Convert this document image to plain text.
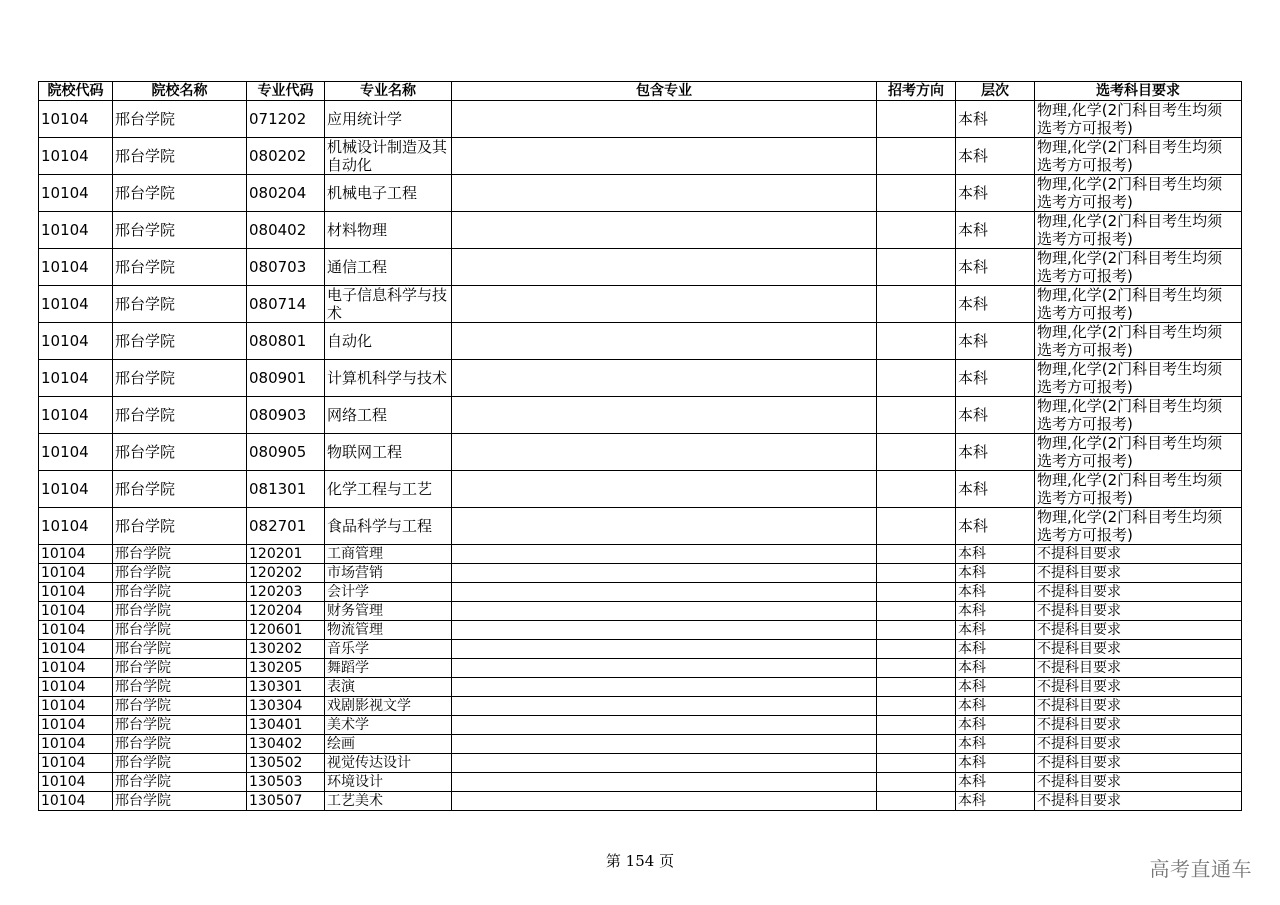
院校代码	院校名称	专业代码	专业名称	包含专业	招考方向	层次	选考科目要求
10104	邢台学院	071202	应用统计学			本科	物理,化学(2门科目考生均须选考方可报考)
10104	邢台学院	080202	机械设计制造及其自动化			本科	物理,化学(2门科目考生均须选考方可报考)
10104	邢台学院	080204	机械电子工程			本科	物理,化学(2门科目考生均须选考方可报考)
10104	邢台学院	080402	材料物理			本科	物理,化学(2门科目考生均须选考方可报考)
10104	邢台学院	080703	通信工程			本科	物理,化学(2门科目考生均须选考方可报考)
10104	邢台学院	080714	电子信息科学与技术			本科	物理,化学(2门科目考生均须选考方可报考)
10104	邢台学院	080801	自动化			本科	物理,化学(2门科目考生均须选考方可报考)
10104	邢台学院	080901	计算机科学与技术			本科	物理,化学(2门科目考生均须选考方可报考)
10104	邢台学院	080903	网络工程			本科	物理,化学(2门科目考生均须选考方可报考)
10104	邢台学院	080905	物联网工程			本科	物理,化学(2门科目考生均须选考方可报考)
10104	邢台学院	081301	化学工程与工艺			本科	物理,化学(2门科目考生均须选考方可报考)
10104	邢台学院	082701	食品科学与工程			本科	物理,化学(2门科目考生均须选考方可报考)
10104	邢台学院	120201	工商管理			本科	不提科目要求
10104	邢台学院	120202	市场营销			本科	不提科目要求
10104	邢台学院	120203	会计学			本科	不提科目要求
10104	邢台学院	120204	财务管理			本科	不提科目要求
10104	邢台学院	120601	物流管理			本科	不提科目要求
10104	邢台学院	130202	音乐学			本科	不提科目要求
10104	邢台学院	130205	舞蹈学			本科	不提科目要求
10104	邢台学院	130301	表演			本科	不提科目要求
10104	邢台学院	130304	戏剧影视文学			本科	不提科目要求
10104	邢台学院	130401	美术学			本科	不提科目要求
10104	邢台学院	130402	绘画			本科	不提科目要求
10104	邢台学院	130502	视觉传达设计			本科	不提科目要求
10104	邢台学院	130503	环境设计			本科	不提科目要求
10104	邢台学院	130507	工艺美术			本科	不提科目要求
第 154 页	高考直通车
